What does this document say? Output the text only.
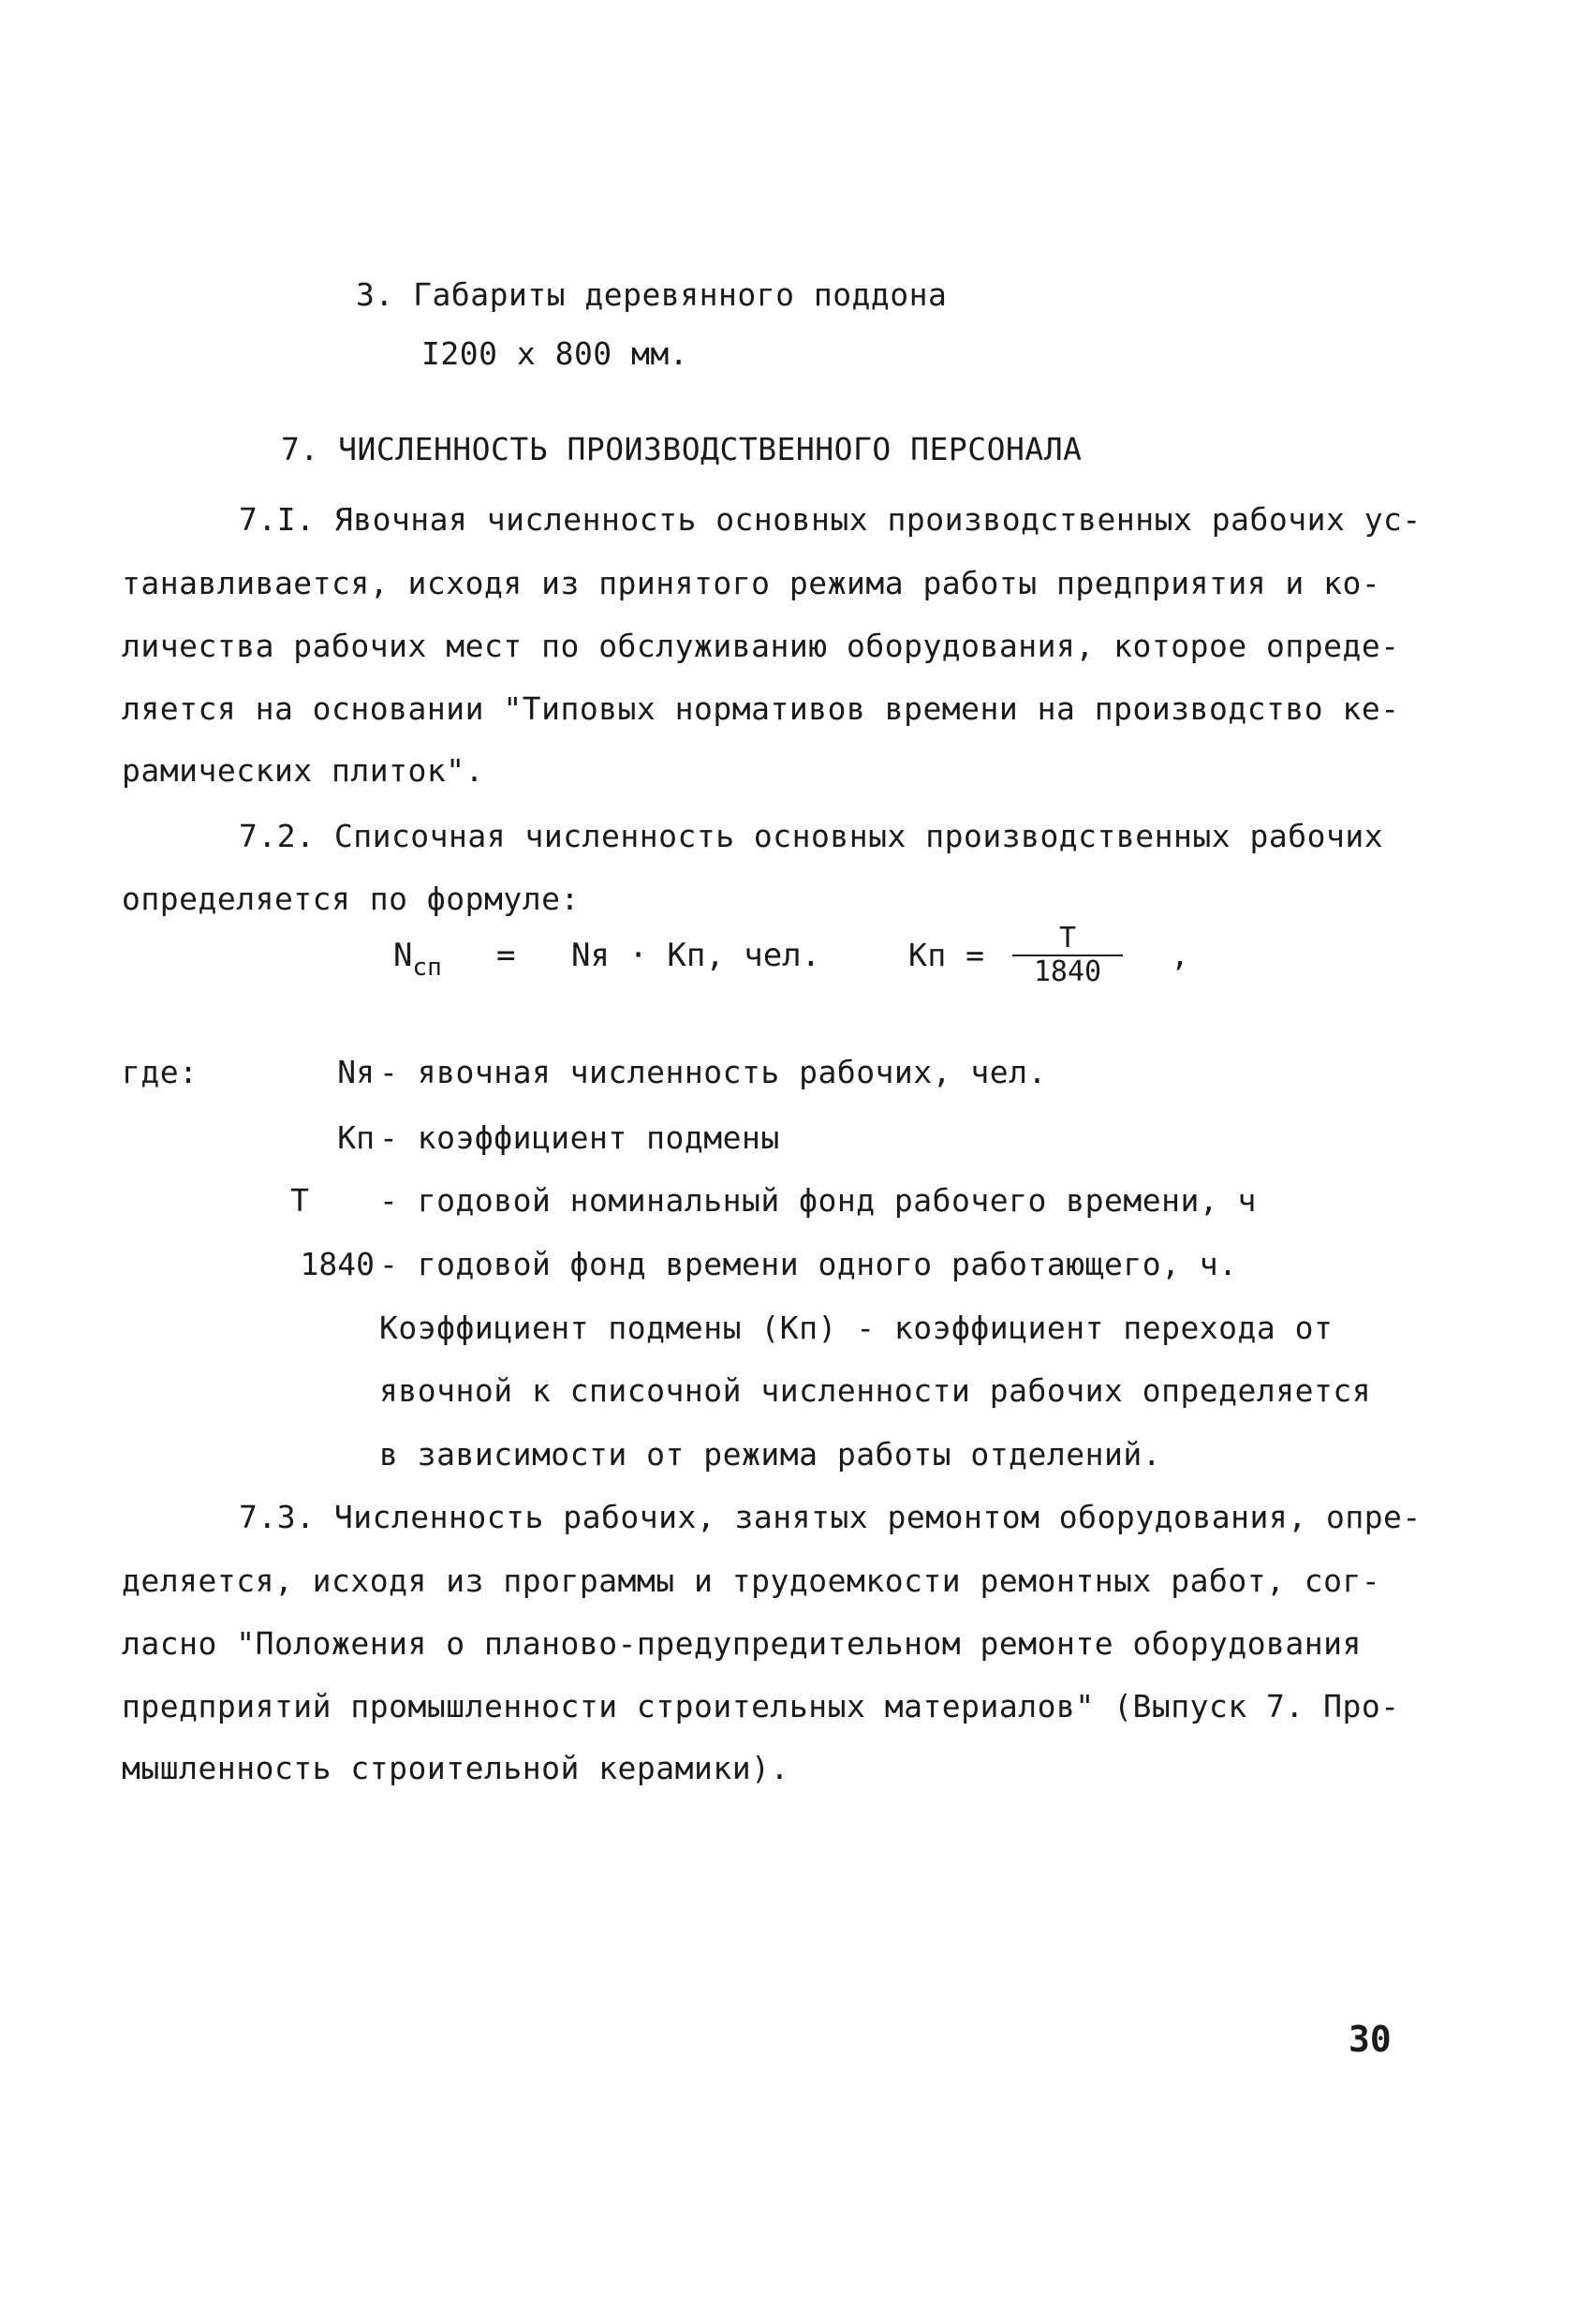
3. Габариты деревянного поддона
I200 х 800 мм.
7. ЧИСЛЕННОСТЬ ПРОИЗВОДСТВЕННОГО ПЕРСОНАЛА
7.I. Явочная численность основных производственных рабочих ус-
танавливается, исходя из принятого режима работы предприятия и ко-
личества рабочих мест по обслуживанию оборудования, которое опреде-
ляется на основании "Типовых нормативов времени на производство ке-
рамических плиток".
7.2. Списочная численность основных производственных рабочих
определяется по формуле:
$N_{сп}$ = Nя · Кп, чел.	Кп =	Т
1840	,
где:	Nя - явочная численность рабочих, чел.
Кп - коэффициент подмены
Т	- годовой номинальный фонд рабочего времени, ч
1840 - годовой фонд времени одного работающего, ч.
Коэффициент подмены (Кп) - коэффициент перехода от
явочной к списочной численности рабочих определяется
в зависимости от режима работы отделений.
7.3. Численность рабочих, занятых ремонтом оборудования, опре-
деляется, исходя из программы и трудоемкости ремонтных работ, сог-
ласно "Положения о планово-предупредительном ремонте оборудования
предприятий промышленности строительных материалов" (Выпуск 7. Про-
мышленность строительной керамики).
30
